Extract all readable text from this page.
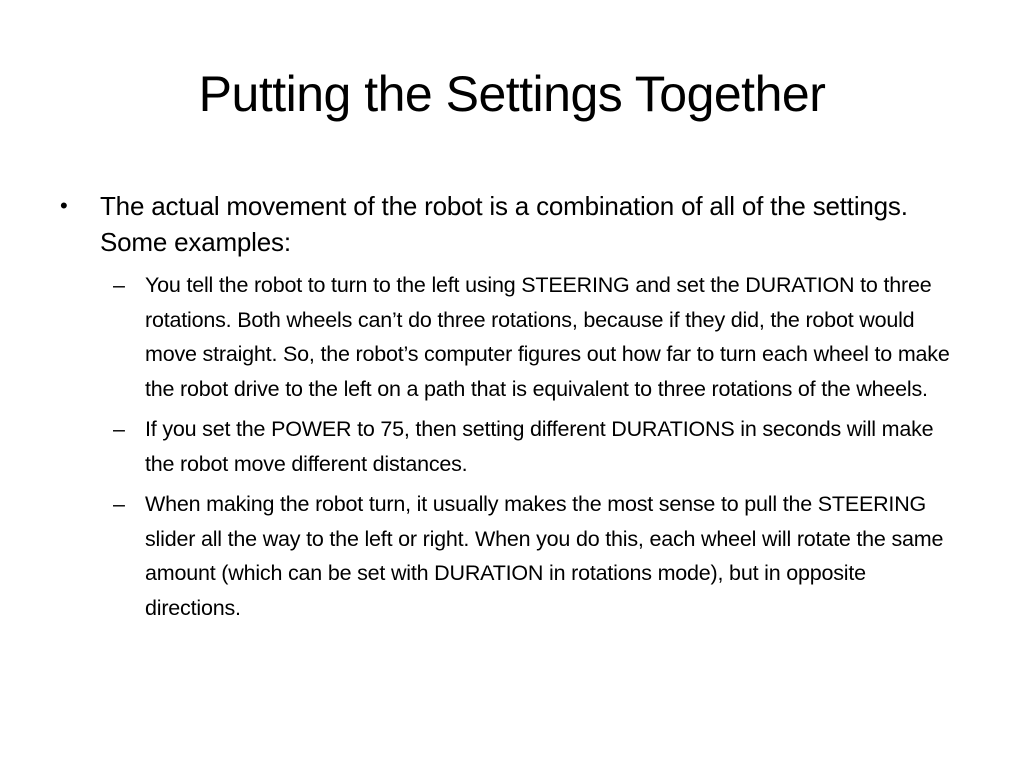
Putting the Settings Together
•	The actual movement of the robot is a combination of all of the settings. Some examples:
– You tell the robot to turn to the left using STEERING and set the DURATION to three rotations. Both wheels can’t do three rotations, because if they did, the robot would move straight. So, the robot’s computer figures out how far to turn each wheel to make the robot drive to the left on a path that is equivalent to three rotations of the wheels.
– If you set the POWER to 75, then setting different DURATIONS in seconds will make the robot move different distances.
– When making the robot turn, it usually makes the most sense to pull the STEERING slider all the way to the left or right. When you do this, each wheel will rotate the same amount (which can be set with DURATION in rotations mode), but in opposite directions.
